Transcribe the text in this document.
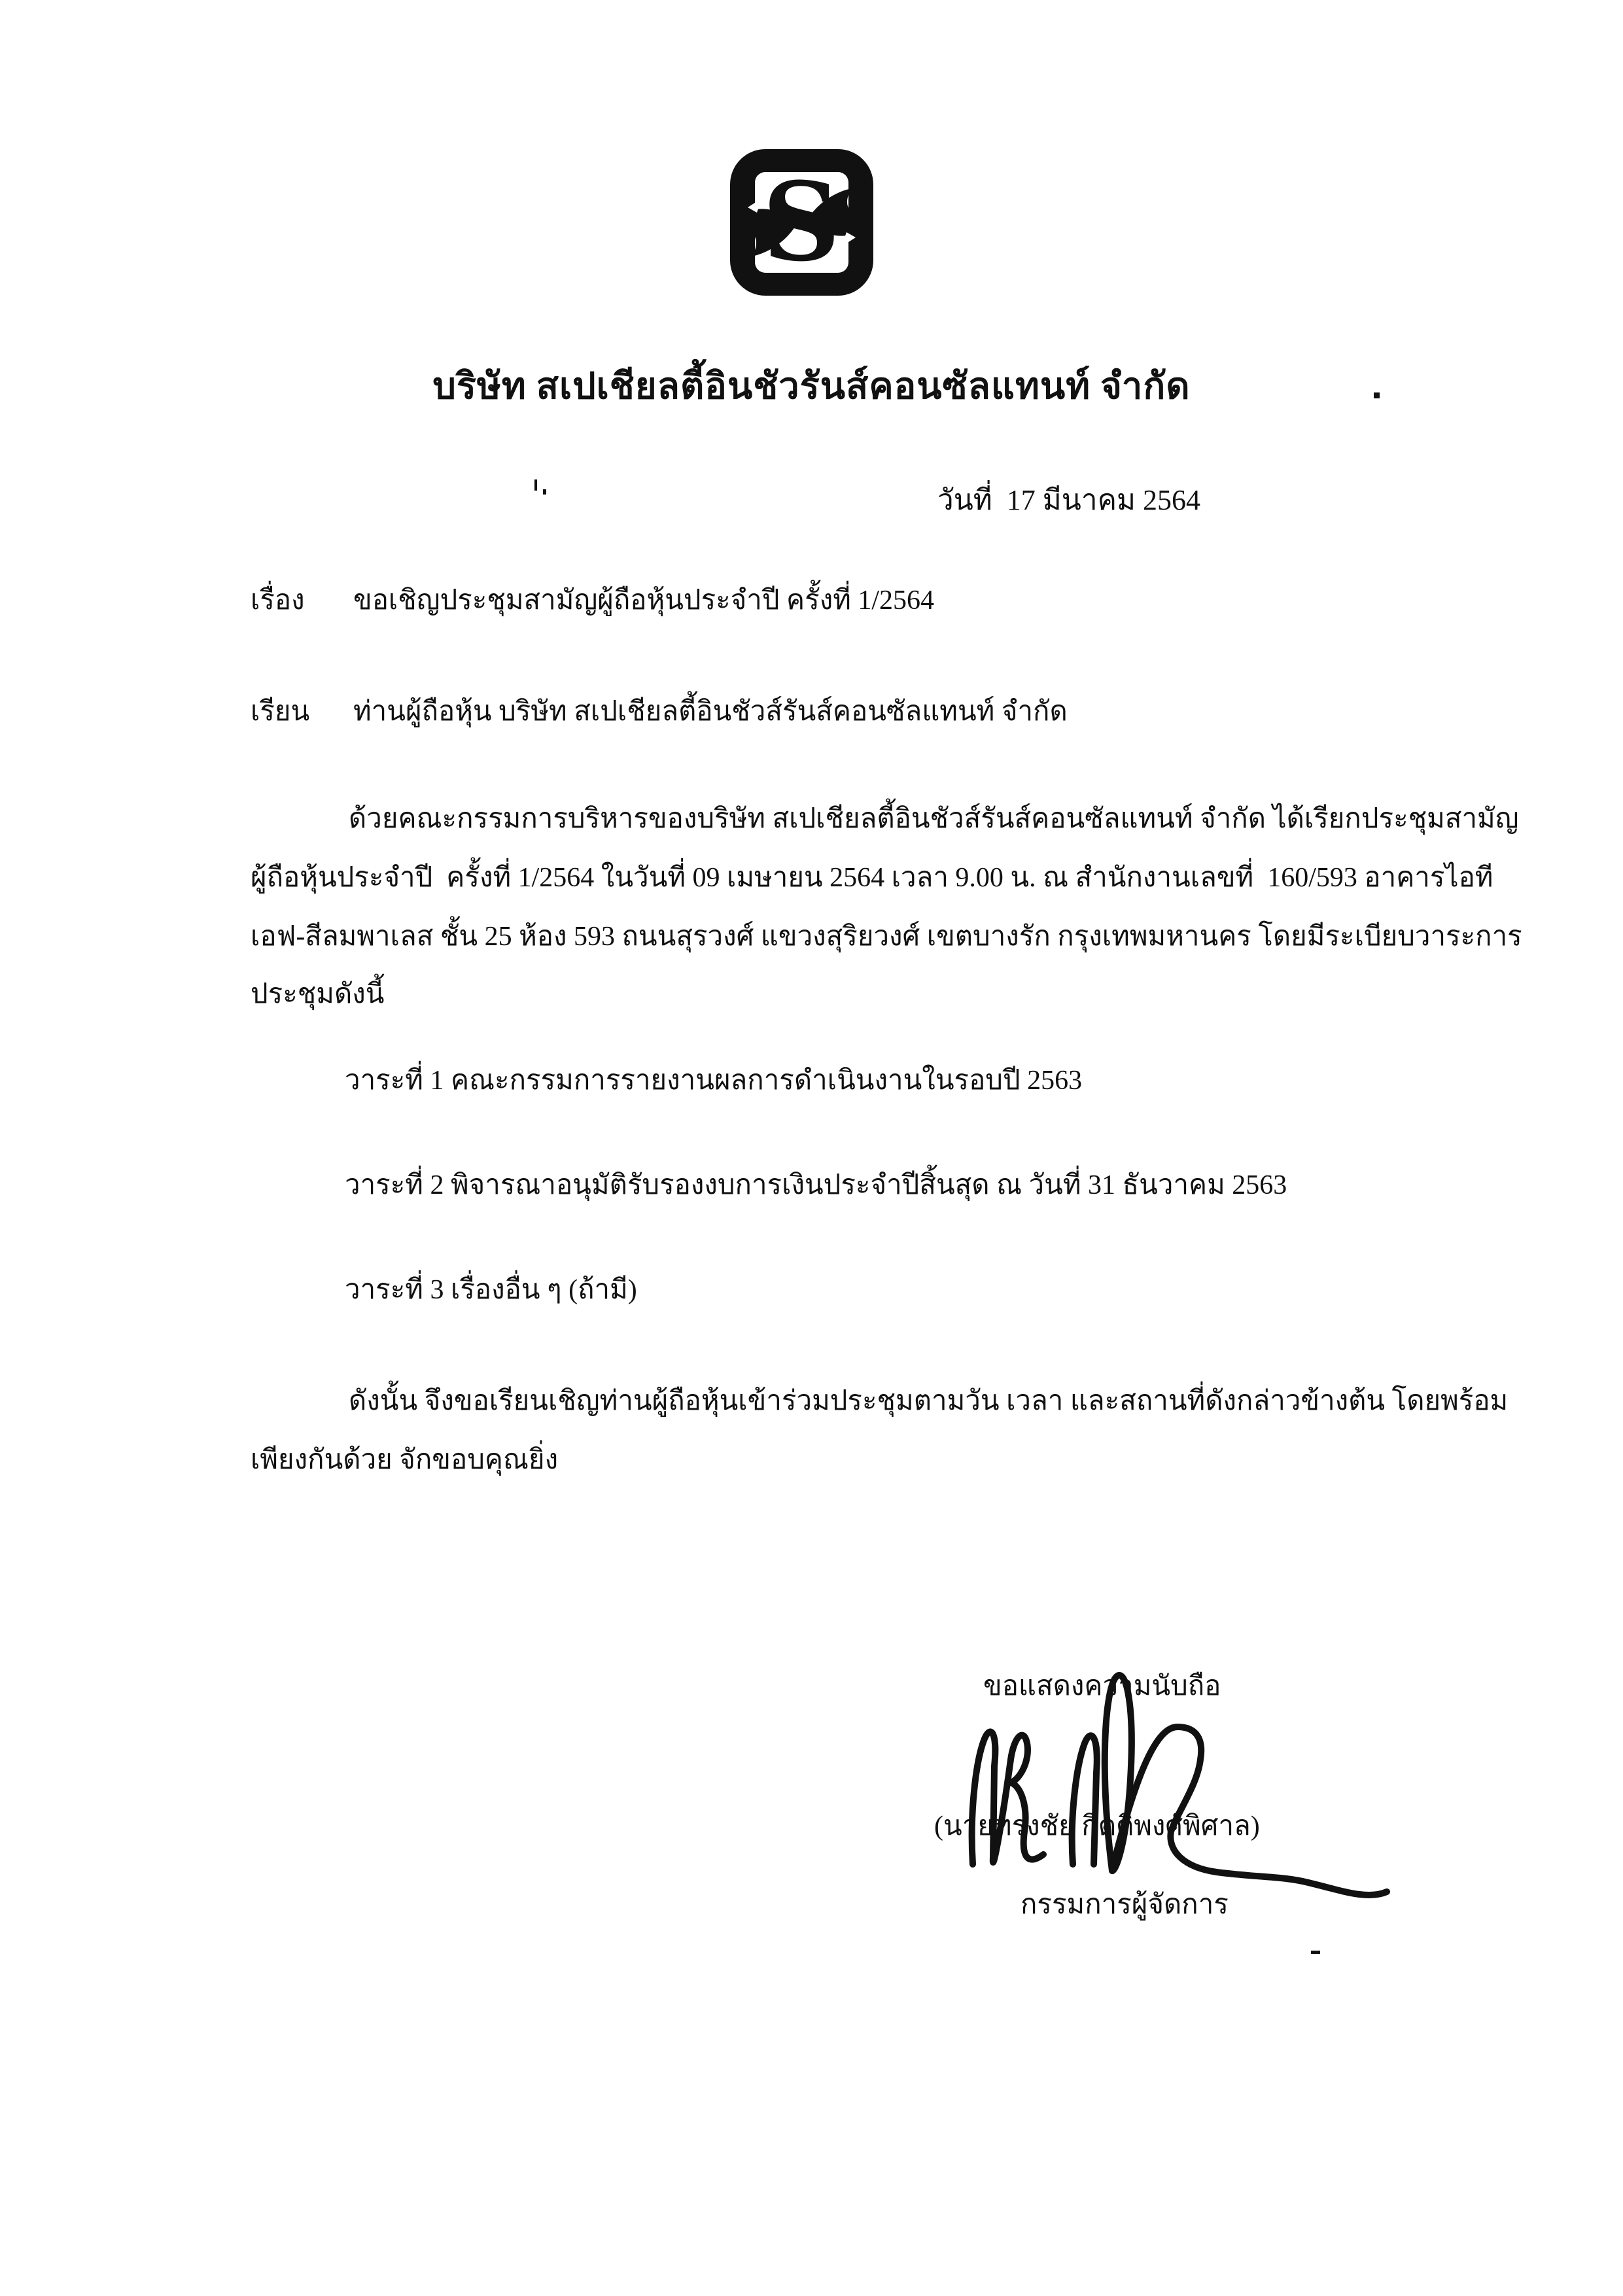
S

บริษัท สเปเชียลตี้อินชัวรันส์คอนซัลแทนท์ จำกัด
วันที่  17 มีนาคม 2564
เรื่อง ขอเชิญประชุมสามัญผู้ถือหุ้นประจำปี ครั้งที่ 1/2564
เรียน ท่านผู้ถือหุ้น บริษัท สเปเชียลตี้อินชัวส์รันส์คอนซัลแทนท์ จำกัด
ด้วยคณะกรรมการบริหารของบริษัท สเปเชียลตี้อินชัวส์รันส์คอนซัลแทนท์ จำกัด ได้เรียกประชุมสามัญ
ผู้ถือหุ้นประจำปี  ครั้งที่ 1/2564 ในวันที่ 09 เมษายน 2564 เวลา 9.00 น. ณ สำนักงานเลขที่  160/593 อาคารไอที
เอฟ-สีลมพาเลส ชั้น 25 ห้อง 593 ถนนสุรวงศ์ แขวงสุริยวงศ์ เขตบางรัก กรุงเทพมหานคร โดยมีระเบียบวาระการ
ประชุมดังนี้
วาระที่ 1 คณะกรรมการรายงานผลการดำเนินงานในรอบปี 2563
วาระที่ 2 พิจารณาอนุมัติรับรองงบการเงินประจำปีสิ้นสุด ณ วันที่ 31 ธันวาคม 2563
วาระที่ 3 เรื่องอื่น ๆ (ถ้ามี)
ดังนั้น จึงขอเรียนเชิญท่านผู้ถือหุ้นเข้าร่วมประชุมตามวัน เวลา และสถานที่ดังกล่าวข้างต้น โดยพร้อม
เพียงกันด้วย จักขอบคุณยิ่ง
ขอแสดงความนับถือ
(นายทรงชัย กิตติพงศ์พิศาล)
กรรมการผู้จัดการ
